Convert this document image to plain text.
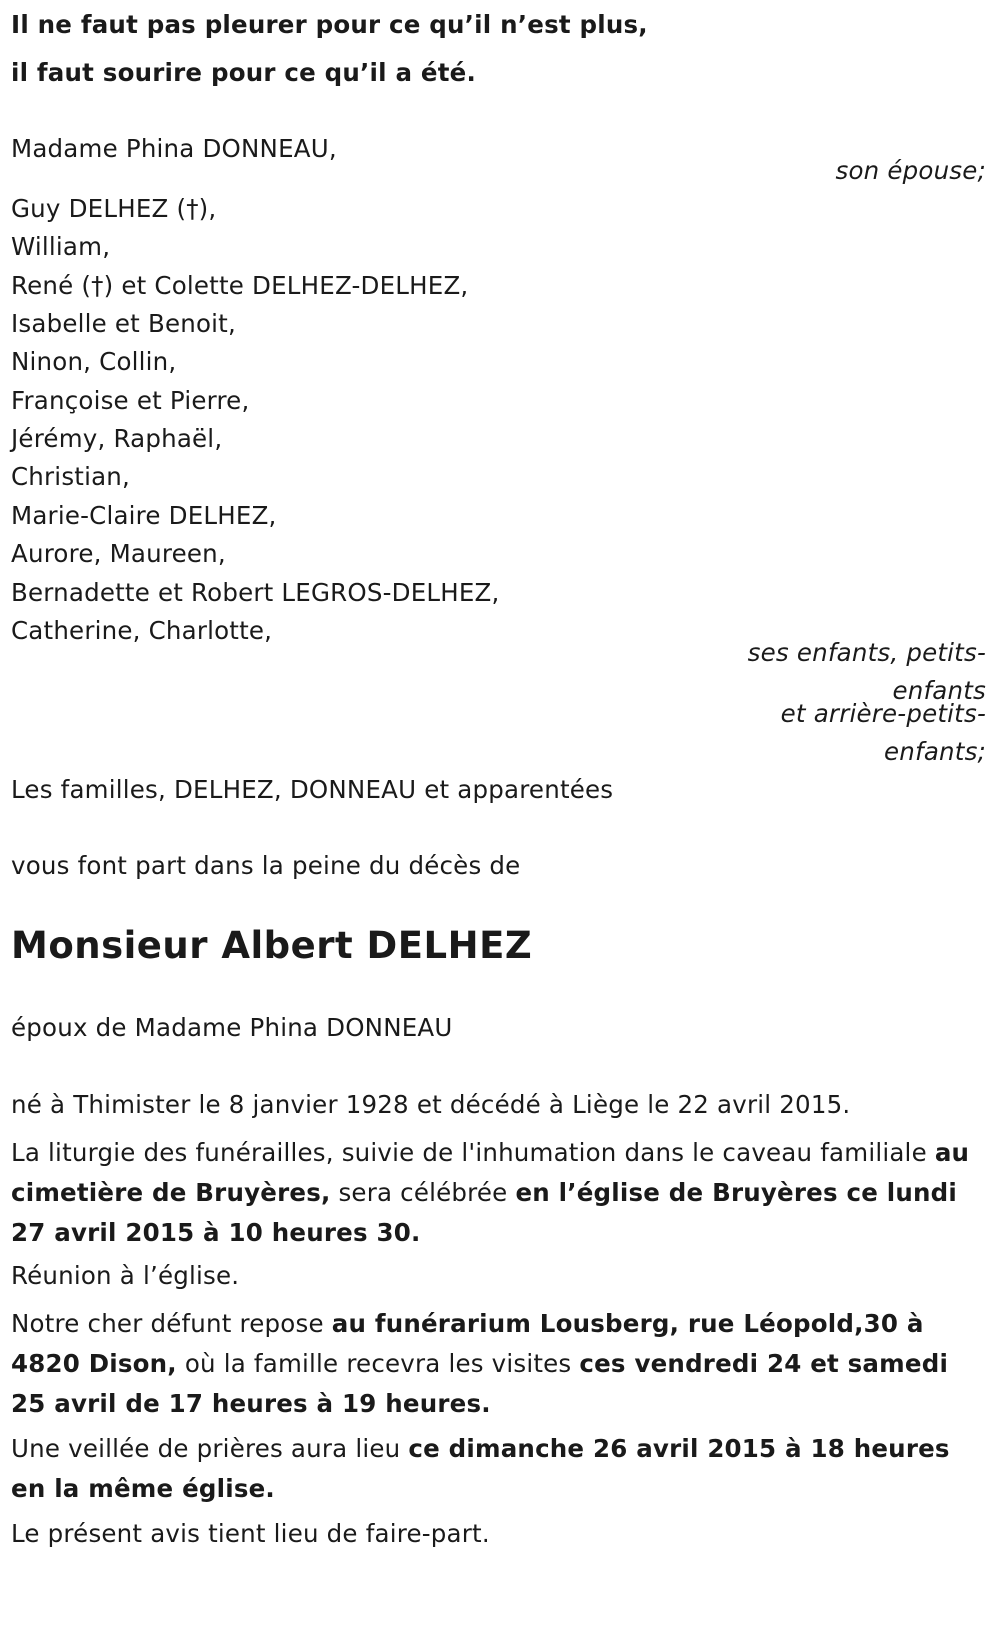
Il ne faut pas pleurer pour ce qu’il n’est plus,
il faut sourire pour ce qu’il a été.
Madame Phina DONNEAU,
son épouse;
Guy DELHEZ (†),
William,
René (†) et Colette DELHEZ-DELHEZ,
Isabelle et Benoit,
Ninon, Collin,
Françoise et Pierre,
Jérémy, Raphaël,
Christian,
Marie-Claire DELHEZ,
Aurore, Maureen,
Bernadette et Robert LEGROS-DELHEZ,
Catherine, Charlotte,
ses enfants, petits-
enfants
et arrière-petits-
enfants;
Les familles, DELHEZ, DONNEAU et apparentées
vous font part dans la peine du décès de
Monsieur Albert DELHEZ
époux de Madame Phina DONNEAU
né à Thimister le 8 janvier 1928 et décédé à Liège le 22 avril 2015.
La liturgie des funérailles, suivie de l'inhumation dans le caveau familiale au cimetière de Bruyères, sera célébrée en l’église de Bruyères ce lundi 27 avril 2015 à 10 heures 30.
Réunion à l’église.
Notre cher défunt repose au funérarium Lousberg, rue Léopold,30 à 4820 Dison, où la famille recevra les visites ces vendredi 24 et samedi 25 avril de 17 heures à 19 heures.
Une veillée de prières aura lieu ce dimanche 26 avril 2015 à 18 heures en la même église.
Le présent avis tient lieu de faire-part.
